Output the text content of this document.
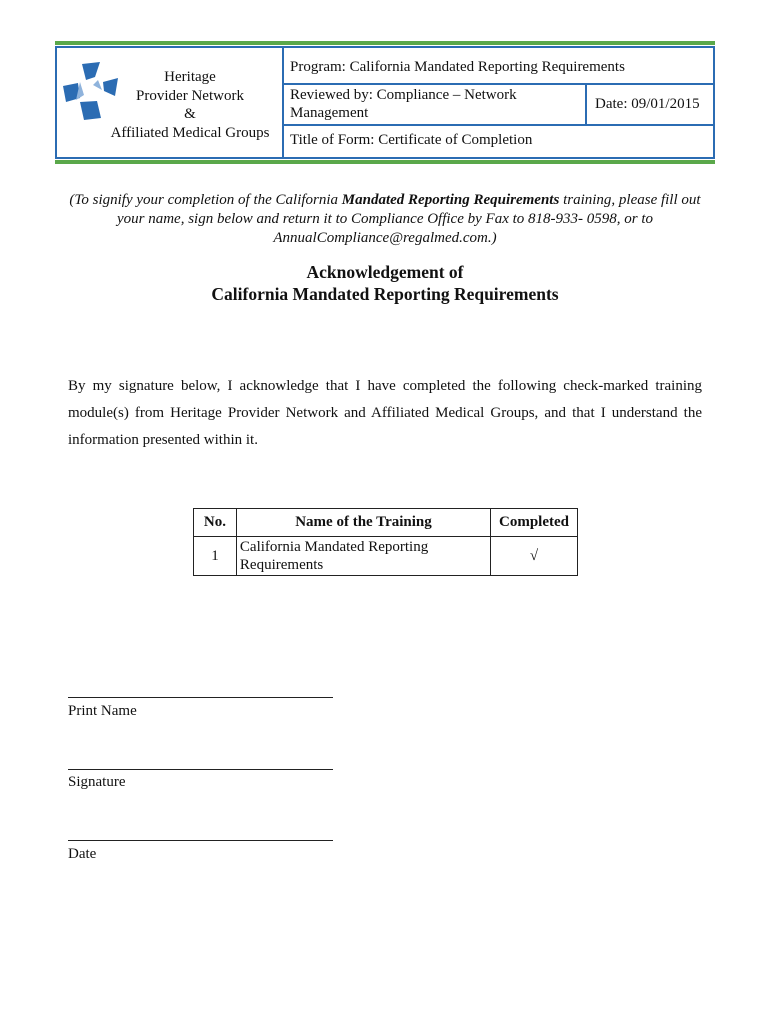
Heritage
Provider Network
&
Affiliated Medical Groups
Program: California Mandated Reporting Requirements
Reviewed by: Compliance – Network Management
Date: 09/01/2015
Title of Form: Certificate of Completion
(To signify your completion of the California Mandated Reporting Requirements training, please fill out your name, sign below and return it to Compliance Office by Fax to 818-933- 0598, or to AnnualCompliance@regalmed.com.)
Acknowledgement of
California Mandated Reporting Requirements
By my signature below, I acknowledge that I have completed the following check-marked training module(s) from Heritage Provider Network and Affiliated Medical Groups, and that I understand the information presented within it.
No.	Name of the Training	Completed
1	California Mandated Reporting Requirements	√
Print Name
Signature
Date
